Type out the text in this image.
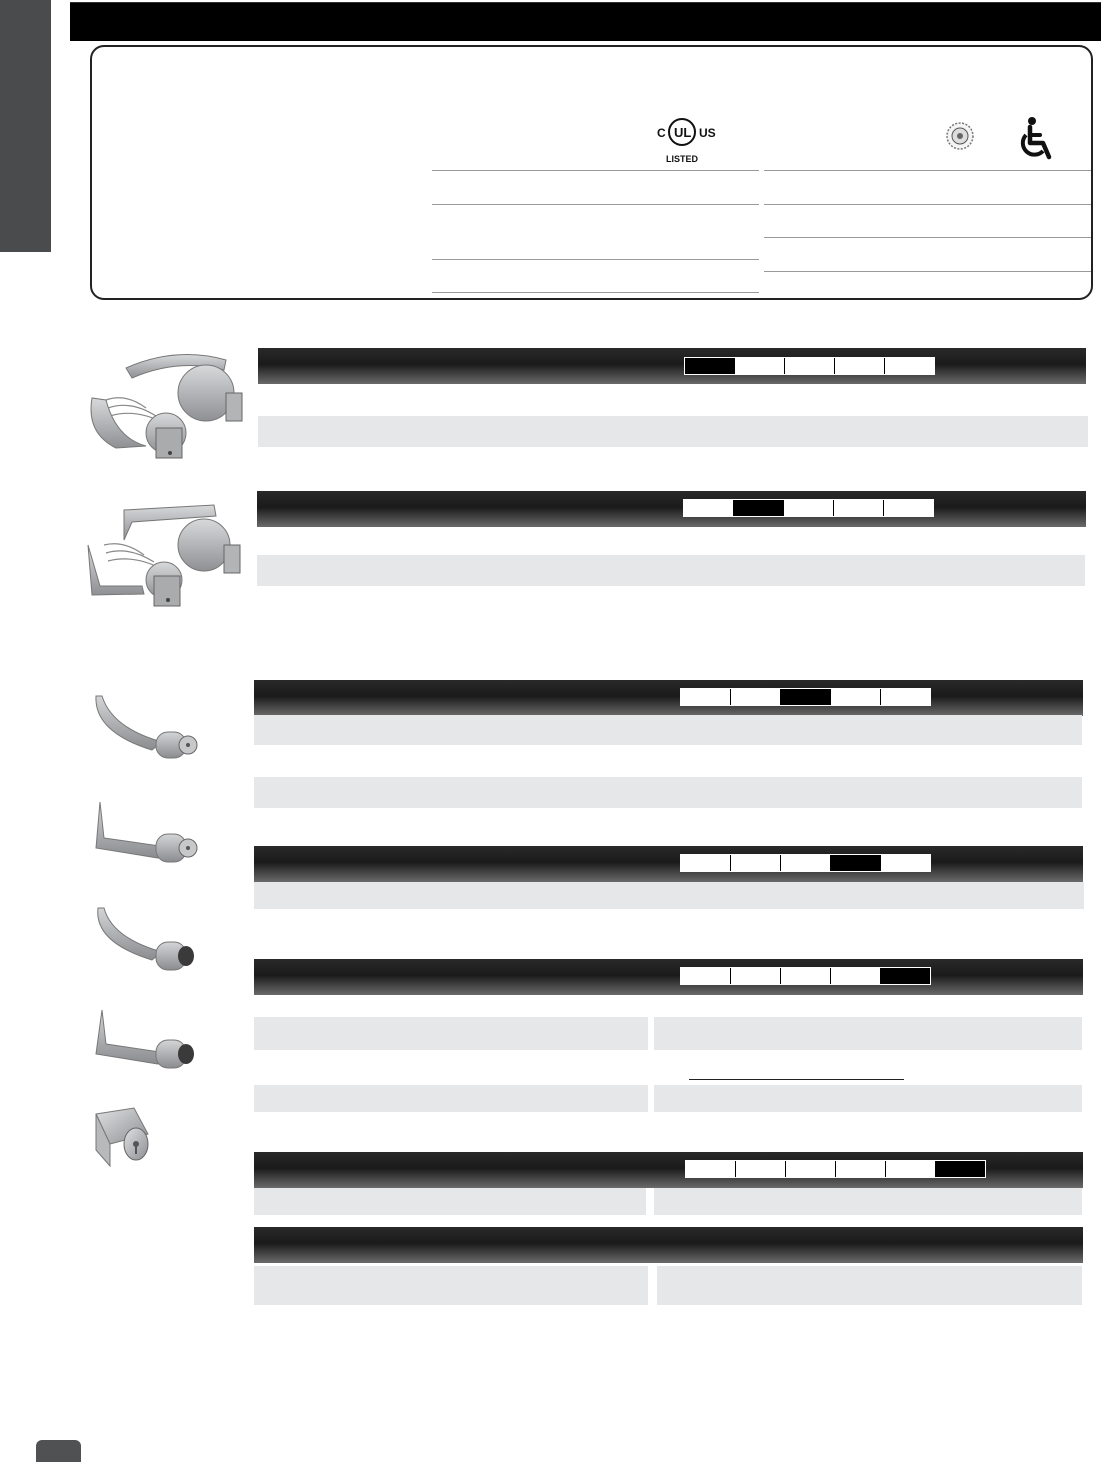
C UL US
LISTED
